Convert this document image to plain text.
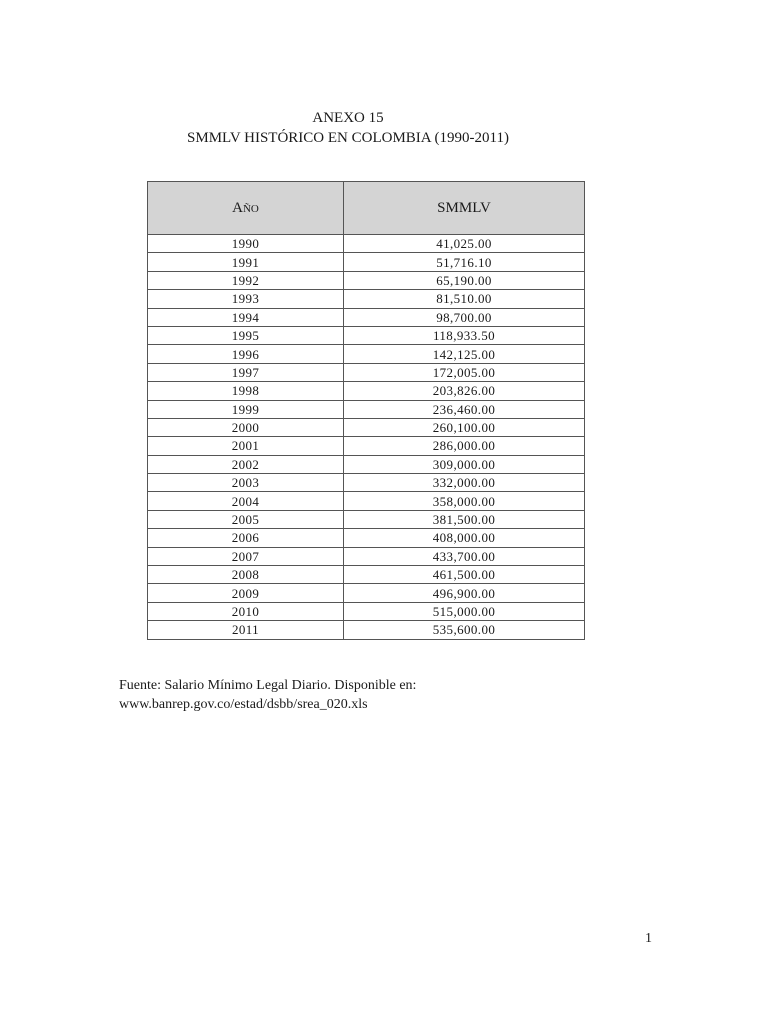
ANEXO 15
SMMLV HISTÓRICO EN COLOMBIA (1990-2011)
Año	SMMLV
1990	41,025.00
1991	51,716.10
1992	65,190.00
1993	81,510.00
1994	98,700.00
1995	118,933.50
1996	142,125.00
1997	172,005.00
1998	203,826.00
1999	236,460.00
2000	260,100.00
2001	286,000.00
2002	309,000.00
2003	332,000.00
2004	358,000.00
2005	381,500.00
2006	408,000.00
2007	433,700.00
2008	461,500.00
2009	496,900.00
2010	515,000.00
2011	535,600.00
Fuente: Salario Mínimo Legal Diario. Disponible en:
www.banrep.gov.co/estad/dsbb/srea_020.xls
1
